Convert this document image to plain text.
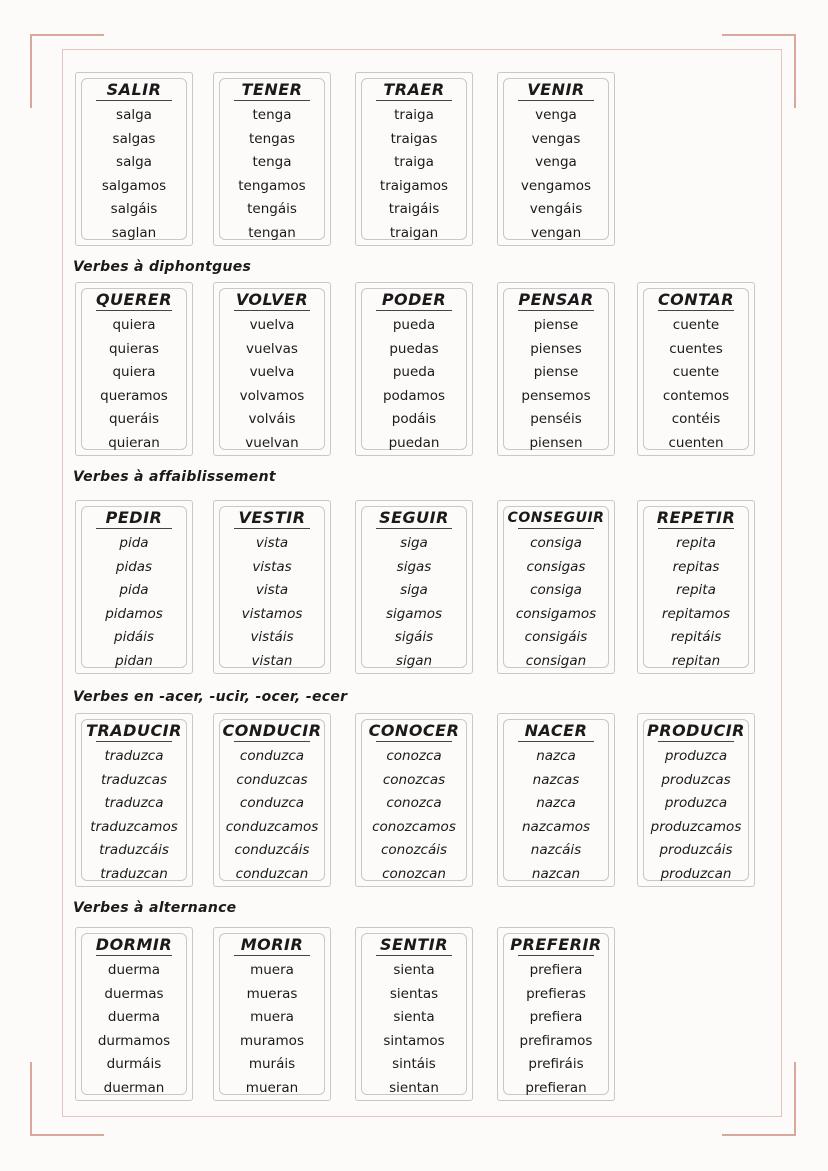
Verbes à diphontgues
Verbes à affaiblissement
Verbes en -acer, -ucir, -ocer, -ecer
Verbes à alternance
SALIR
salga
salgas
salga
salgamos
salgáis
saglan
TENER
tenga
tengas
tenga
tengamos
tengáis
tengan
TRAER
traiga
traigas
traiga
traigamos
traigáis
traigan
VENIR
venga
vengas
venga
vengamos
vengáis
vengan
QUERER
quiera
quieras
quiera
queramos
queráis
quieran
VOLVER
vuelva
vuelvas
vuelva
volvamos
volváis
vuelvan
PODER
pueda
puedas
pueda
podamos
podáis
puedan
PENSAR
piense
pienses
piense
pensemos
penséis
piensen
CONTAR
cuente
cuentes
cuente
contemos
contéis
cuenten
PEDIR
pida
pidas
pida
pidamos
pidáis
pidan
VESTIR
vista
vistas
vista
vistamos
vistáis
vistan
SEGUIR
siga
sigas
siga
sigamos
sigáis
sigan
CONSEGUIR
consiga
consigas
consiga
consigamos
consigáis
consigan
REPETIR
repita
repitas
repita
repitamos
repitáis
repitan
TRADUCIR
traduzca
traduzcas
traduzca
traduzcamos
traduzcáis
traduzcan
CONDUCIR
conduzca
conduzcas
conduzca
conduzcamos
conduzcáis
conduzcan
CONOCER
conozca
conozcas
conozca
conozcamos
conozcáis
conozcan
NACER
nazca
nazcas
nazca
nazcamos
nazcáis
nazcan
PRODUCIR
produzca
produzcas
produzca
produzcamos
produzcáis
produzcan
DORMIR
duerma
duermas
duerma
durmamos
durmáis
duerman
MORIR
muera
mueras
muera
muramos
muráis
mueran
SENTIR
sienta
sientas
sienta
sintamos
sintáis
sientan
PREFERIR
prefiera
prefieras
prefiera
prefiramos
prefiráis
prefieran
